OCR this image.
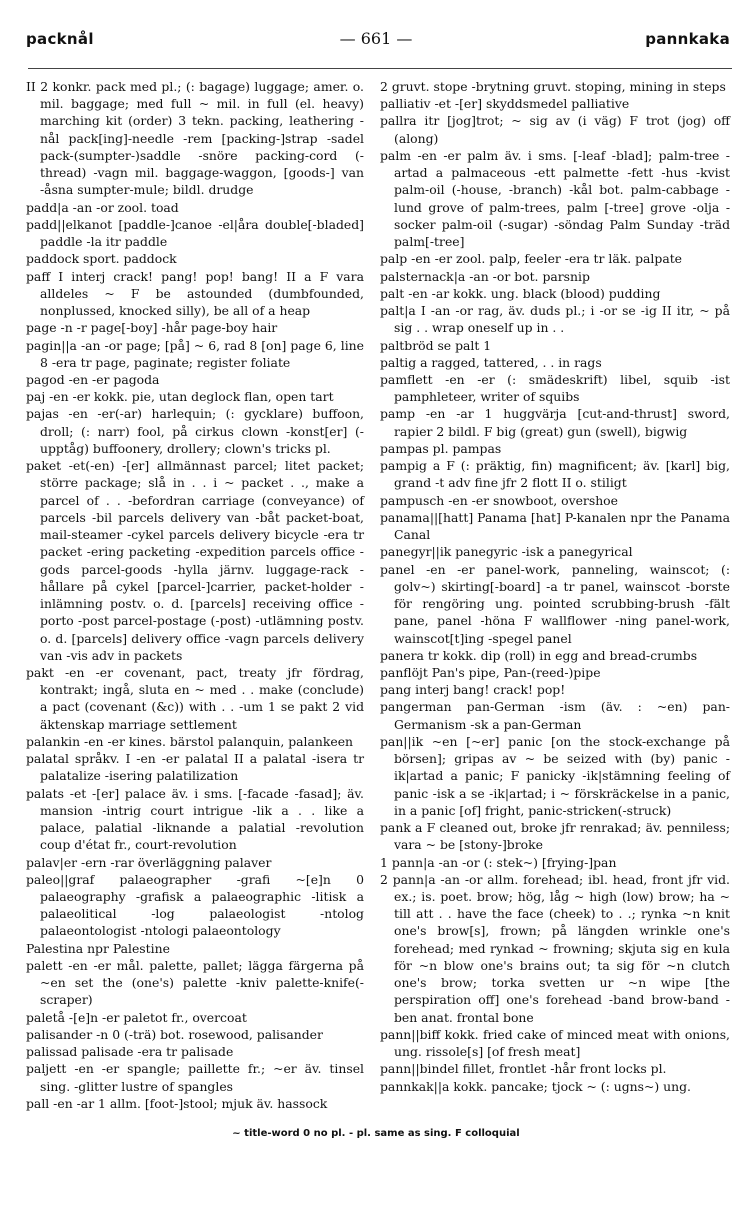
packnål	— 661 —	pannkaka

II 2 konkr. pack med pl.; (: bagage) luggage; amer. o. mil. baggage; med full ~ mil. in full (el. heavy) marching kit (order) 3 tekn. packing, leathering -nål pack[ing]-needle -rem [packing-]strap -sadel pack-(sumpter-)saddle -snöre packing-cord (-thread) -vagn mil. baggage-waggon, [goods-] van -åsna sumpter-mule; bildl. drudge

padd|a -an -or zool. toad

padd||elkanot [paddle-]canoe -el|åra double[-bladed] paddle -la itr paddle

paddock sport. paddock

paff I interj crack! pang! pop! bang! II a F vara alldeles ~ F be astounded (dumbfounded, nonplussed, knocked silly), be all of a heap

page -n -r page[-boy] -hår page-boy hair

pagin||a -an -or page; [på] ~ 6, rad 8 [on] page 6, line 8 -era tr page, paginate; register foliate

pagod -en -er pagoda

paj -en -er kokk. pie, utan deglock flan, open tart

pajas -en -er(-ar) harlequin; (: gycklare) buffoon, droll; (: narr) fool, på cirkus clown -konst[er] (-upptåg) buffoonery, drollery; clown's tricks pl.

paket -et(-en) -[er] allmännast parcel; litet packet; större package; slå in . . i ~ packet . ., make a parcel of . . -befordran carriage (conveyance) of parcels -bil parcels delivery van -båt packet-boat, mail-steamer -cykel parcels delivery bicycle -era tr packet -ering packeting -expedition parcels office -gods parcel-goods -hylla järnv. luggage-rack -hållare på cykel [parcel-]carrier, packet-holder -inlämning postv. o. d. [parcels] receiving office -porto -post parcel-postage (-post) -utlämning postv. o. d. [parcels] delivery office -vagn parcels delivery van -vis adv in packets

pakt -en -er covenant, pact, treaty jfr fördrag, kontrakt; ingå, sluta en ~ med . . make (conclude) a pact (covenant (&c)) with . . -um 1 se pakt 2 vid äktenskap marriage settlement

palankin -en -er kines. bärstol palanquin, palankeen

palatal språkv. I -en -er palatal II a palatal -isera tr palatalize -isering palatilization

palats -et -[er] palace äv. i sms. [-facade -fasad]; äv. mansion -intrig court intrigue -lik a . . like a palace, palatial -liknande a palatial -revolution coup d'état fr., court-revolution

palav|er -ern -rar överläggning palaver

paleo||graf palaeographer -grafi ~[e]n 0 palaeography -grafisk a palaeographic -litisk a palaeolitical -log palaeologist -ntolog palaeontologist -ntologi palaeontology

Palestina npr Palestine

palett -en -er mål. palette, pallet; lägga färgerna på ~en set the (one's) palette -kniv palette-knife(-scraper)

paletå -[e]n -er paletot fr., overcoat

palisander -n 0 (-trä) bot. rosewood, palisander

palissad palisade -era tr palisade

paljett -en -er spangle; paillette fr.; ~er äv. tinsel sing. -glitter lustre of spangles

pall -en -ar 1 allm. [foot-]stool; mjuk äv. hassock

2 gruvt. stope -brytning gruvt. stoping, mining in steps

palliativ -et -[er] skyddsmedel palliative

pallra itr [jog]trot; ~ sig av (i väg) F trot (jog) off (along)

palm -en -er palm äv. i sms. [-leaf -blad]; palm-tree -artad a palmaceous -ett palmette -fett -hus -kvist palm-oil (-house, -branch) -kål bot. palm-cabbage -lund grove of palm-trees, palm [-tree] grove -olja -socker palm-oil (-sugar) -söndag Palm Sunday -träd palm[-tree]

palp -en -er zool. palp, feeler -era tr läk. palpate

palsternack|a -an -or bot. parsnip

palt -en -ar kokk. ung. black (blood) pudding

palt|a I -an -or rag, äv. duds pl.; i -or se -ig II itr, ~ på sig . . wrap oneself up in . .

paltbröd se palt 1

paltig a ragged, tattered, . . in rags

pamflett -en -er (: smädeskrift) libel, squib -ist pamphleteer, writer of squibs

pamp -en -ar 1 huggvärja [cut-and-thrust] sword, rapier 2 bildl. F big (great) gun (swell), bigwig

pampas pl. pampas

pampig a F (: präktig, fin) magnificent; äv. [karl] big, grand -t adv fine jfr 2 flott II o. stiligt

pampusch -en -er snowboot, overshoe

panama||[hatt] Panama [hat] P-kanalen npr the Panama Canal

panegyr||ik panegyric -isk a panegyrical

panel -en -er panel-work, panneling, wainscot; (: golv~) skirting[-board] -a tr panel, wainscot -borste för rengöring ung. pointed scrubbing-brush -fält pane, panel -höna F wallflower -ning panel-work, wainscot[t]ing -spegel panel

panera tr kokk. dip (roll) in egg and bread-crumbs

panflöjt Pan's pipe, Pan-(reed-)pipe

pang interj bang! crack! pop!

pangerman pan-German -ism (äv. : ~en) pan-Germanism -sk a pan-German

pan||ik ~en [~er] panic [on the stock-exchange på börsen]; gripas av ~ be seized with (by) panic -ik|artad a panic; F panicky -ik|stämning feeling of panic -isk a se -ik|artad; i ~ förskräckelse in a panic, in a panic [of] fright, panic-stricken(-struck)

pank a F cleaned out, broke jfr renrakad; äv. penniless; vara ~ be [stony-]broke

1 pann|a -an -or (: stek~) [frying-]pan

2 pann|a -an -or allm. forehead; ibl. head, front jfr vid. ex.; is. poet. brow; hög, låg ~ high (low) brow; ha ~ till att . . have the face (cheek) to . .; rynka ~n knit one's brow[s], frown; på längden wrinkle one's forehead; med rynkad ~ frowning; skjuta sig en kula för ~n blow one's brains out; ta sig för ~n clutch one's brow; torka svetten ur ~n wipe [the perspiration off] one's forehead -band brow-band -ben anat. frontal bone

pann||biff kokk. fried cake of minced meat with onions, ung. rissole[s] [of fresh meat]

pann||bindel fillet, frontlet -hår front locks pl.

pannkak||a kokk. pancake; tjock ~ (: ugns~) ung.

~ title-word 0 no pl. - pl. same as sing. F colloquial
